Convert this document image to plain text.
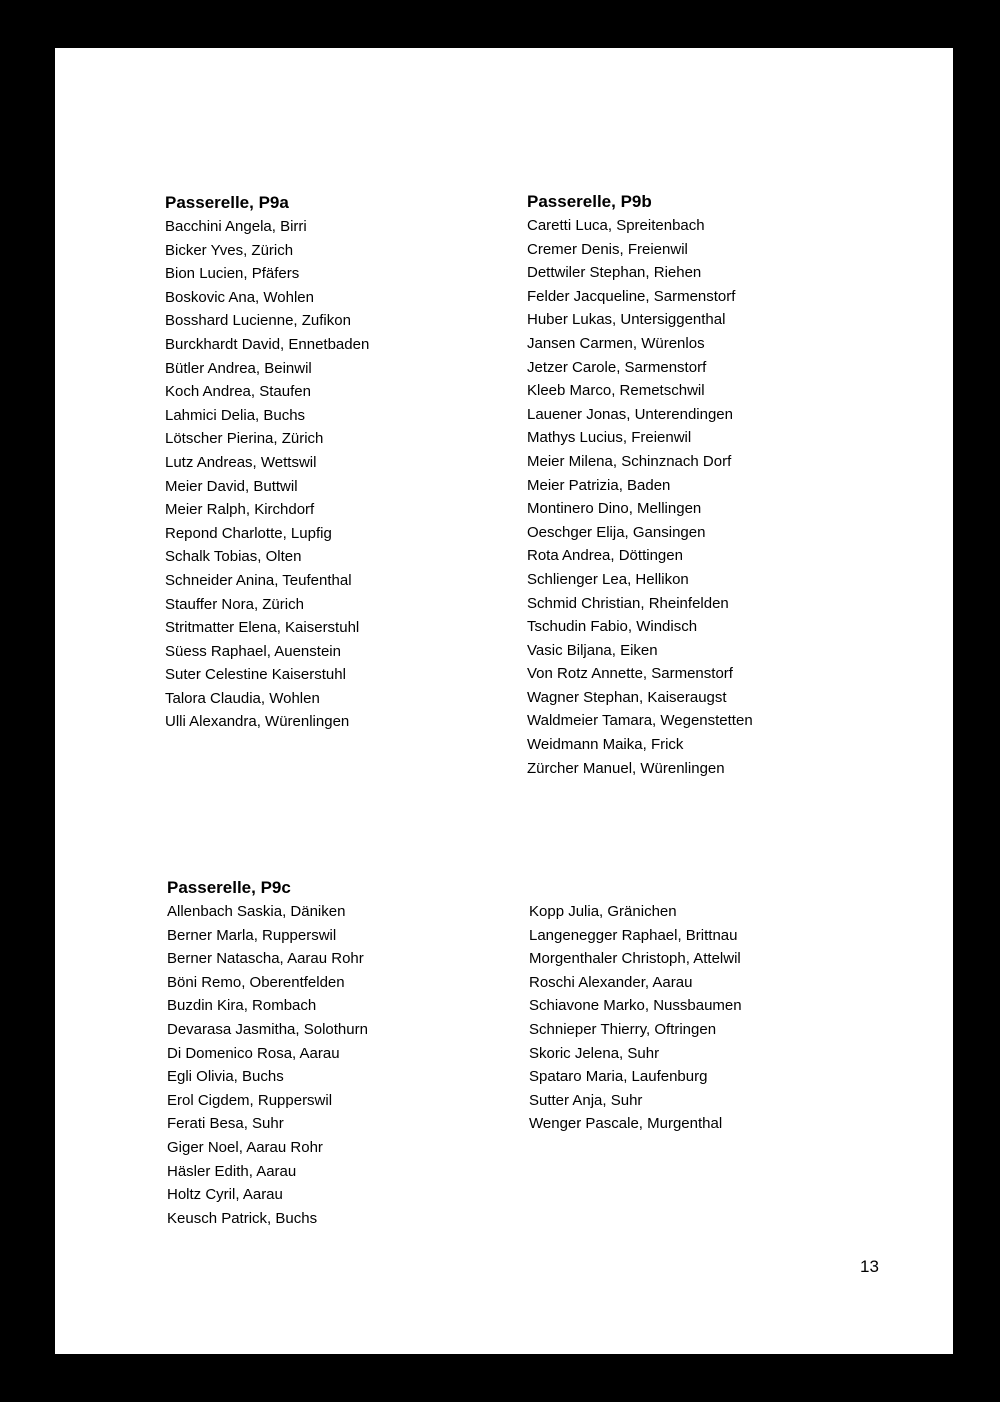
Passerelle, P9a
Bacchini Angela, Birri
Bicker Yves, Zürich
Bion Lucien, Pfäfers
Boskovic Ana, Wohlen
Bosshard Lucienne, Zufikon
Burckhardt David, Ennetbaden
Bütler Andrea, Beinwil
Koch Andrea, Staufen
Lahmici Delia, Buchs
Lötscher Pierina, Zürich
Lutz Andreas, Wettswil
Meier David, Buttwil
Meier Ralph, Kirchdorf
Repond Charlotte, Lupfig
Schalk Tobias, Olten
Schneider Anina, Teufenthal
Stauffer Nora, Zürich
Stritmatter Elena, Kaiserstuhl
Süess Raphael, Auenstein
Suter Celestine Kaiserstuhl
Talora Claudia, Wohlen
Ulli Alexandra, Würenlingen
Passerelle, P9b
Caretti Luca, Spreitenbach
Cremer Denis, Freienwil
Dettwiler Stephan, Riehen
Felder Jacqueline, Sarmenstorf
Huber Lukas, Untersiggenthal
Jansen Carmen, Würenlos
Jetzer Carole, Sarmenstorf
Kleeb Marco, Remetschwil
Lauener Jonas, Unterendingen
Mathys Lucius, Freienwil
Meier Milena, Schinznach Dorf
Meier Patrizia, Baden
Montinero Dino, Mellingen
Oeschger Elija, Gansingen
Rota Andrea, Döttingen
Schlienger Lea, Hellikon
Schmid Christian, Rheinfelden
Tschudin Fabio, Windisch
Vasic Biljana, Eiken
Von Rotz Annette, Sarmenstorf
Wagner Stephan, Kaiseraugst
Waldmeier Tamara, Wegenstetten
Weidmann Maika, Frick
Zürcher Manuel, Würenlingen
Passerelle, P9c
Allenbach Saskia, Däniken
Berner Marla, Rupperswil
Berner Natascha, Aarau Rohr
Böni Remo, Oberentfelden
Buzdin Kira, Rombach
Devarasa Jasmitha, Solothurn
Di Domenico Rosa, Aarau
Egli Olivia, Buchs
Erol Cigdem, Rupperswil
Ferati Besa, Suhr
Giger Noel, Aarau Rohr
Häsler Edith, Aarau
Holtz Cyril, Aarau
Keusch Patrick, Buchs
Kopp Julia, Gränichen
Langenegger Raphael, Brittnau
Morgenthaler Christoph, Attelwil
Roschi Alexander, Aarau
Schiavone Marko, Nussbaumen
Schnieper Thierry, Oftringen
Skoric Jelena, Suhr
Spataro Maria, Laufenburg
Sutter Anja, Suhr
Wenger Pascale, Murgenthal
13
